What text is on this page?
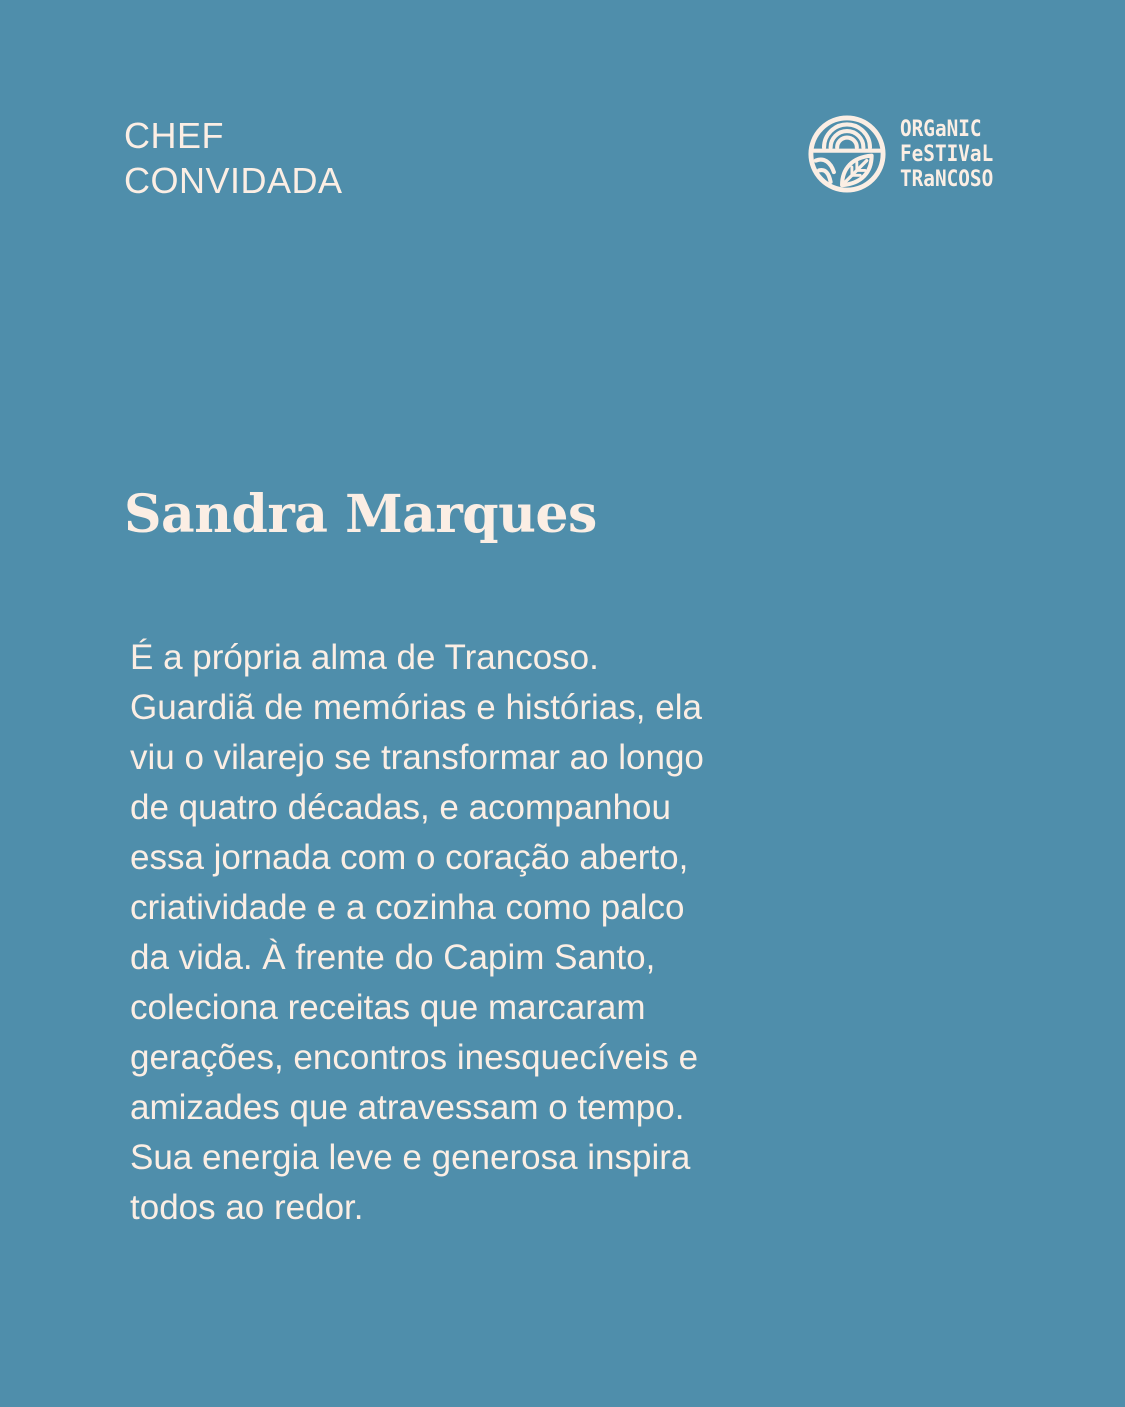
CHEF
CONVIDADA
ORGaNIC
FeSTIVaL
TRaNCOSO
Sandra Marques
É a própria alma de Trancoso.
Guardiã de memórias e histórias, ela
viu o vilarejo se transformar ao longo
de quatro décadas, e acompanhou
essa jornada com o coração aberto,
criatividade e a cozinha como palco
da vida. À frente do Capim Santo,
coleciona receitas que marcaram
gerações, encontros inesquecíveis e
amizades que atravessam o tempo.
Sua energia leve e generosa inspira
todos ao redor.
